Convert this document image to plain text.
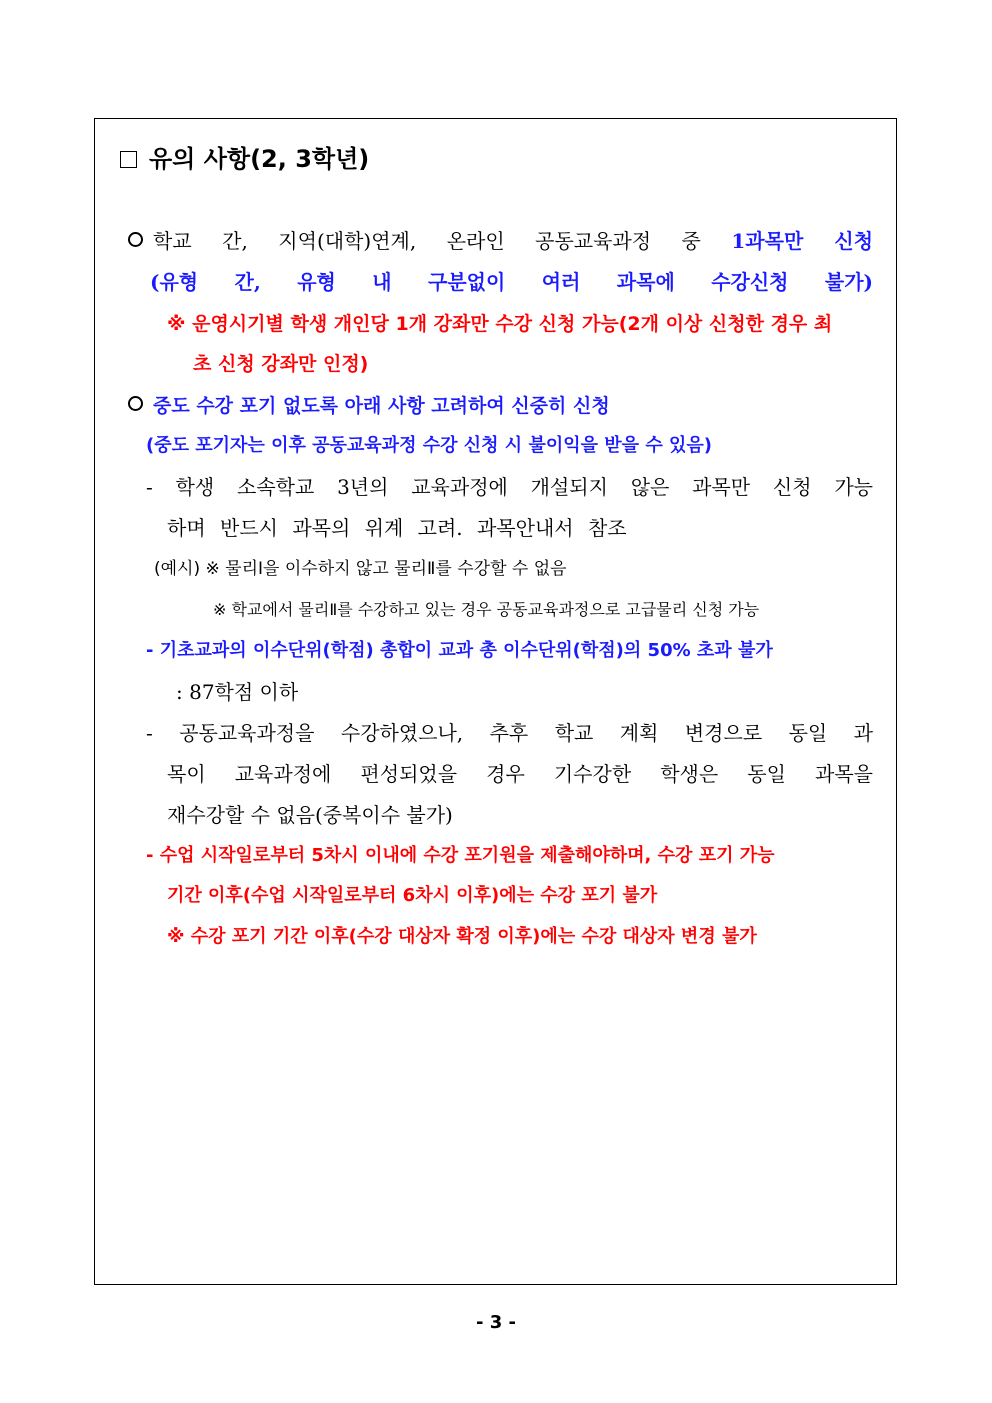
유의 사항(2, 3학년)
학교 간, 지역(대학)연계, 온라인 공동교육과정 중 1과목만 신청
(유형 간, 유형 내 구분없이 여러 과목에 수강신청 불가)
※ 운영시기별 학생 개인당 1개 강좌만 수강 신청 가능(2개 이상 신청한 경우 최
초 신청 강좌만 인정)
중도 수강 포기 없도록 아래 사항 고려하여 신중히 신청
(중도 포기자는 이후 공동교육과정 수강 신청 시 불이익을 받을 수 있음)
- 학생 소속학교 3년의 교육과정에 개설되지 않은 과목만 신청 가능
하며 반드시 과목의 위계 고려. 과목안내서 참조
(예시) ※ 물리Ⅰ을 이수하지 않고 물리Ⅱ를 수강할 수 없음
※ 학교에서 물리Ⅱ를 수강하고 있는 경우 공동교육과정으로 고급물리 신청 가능
- 기초교과의 이수단위(학점) 총합이 교과 총 이수단위(학점)의 50% 초과 불가
: 87학점 이하
- 공동교육과정을 수강하였으나, 추후 학교 계획 변경으로 동일 과
목이 교육과정에 편성되었을 경우 기수강한 학생은 동일 과목을
재수강할 수 없음(중복이수 불가)
- 수업 시작일로부터 5차시 이내에 수강 포기원을 제출해야하며, 수강 포기 가능
기간 이후(수업 시작일로부터 6차시 이후)에는 수강 포기 불가
※ 수강 포기 기간 이후(수강 대상자 확정 이후)에는 수강 대상자 변경 불가
- 3 -
